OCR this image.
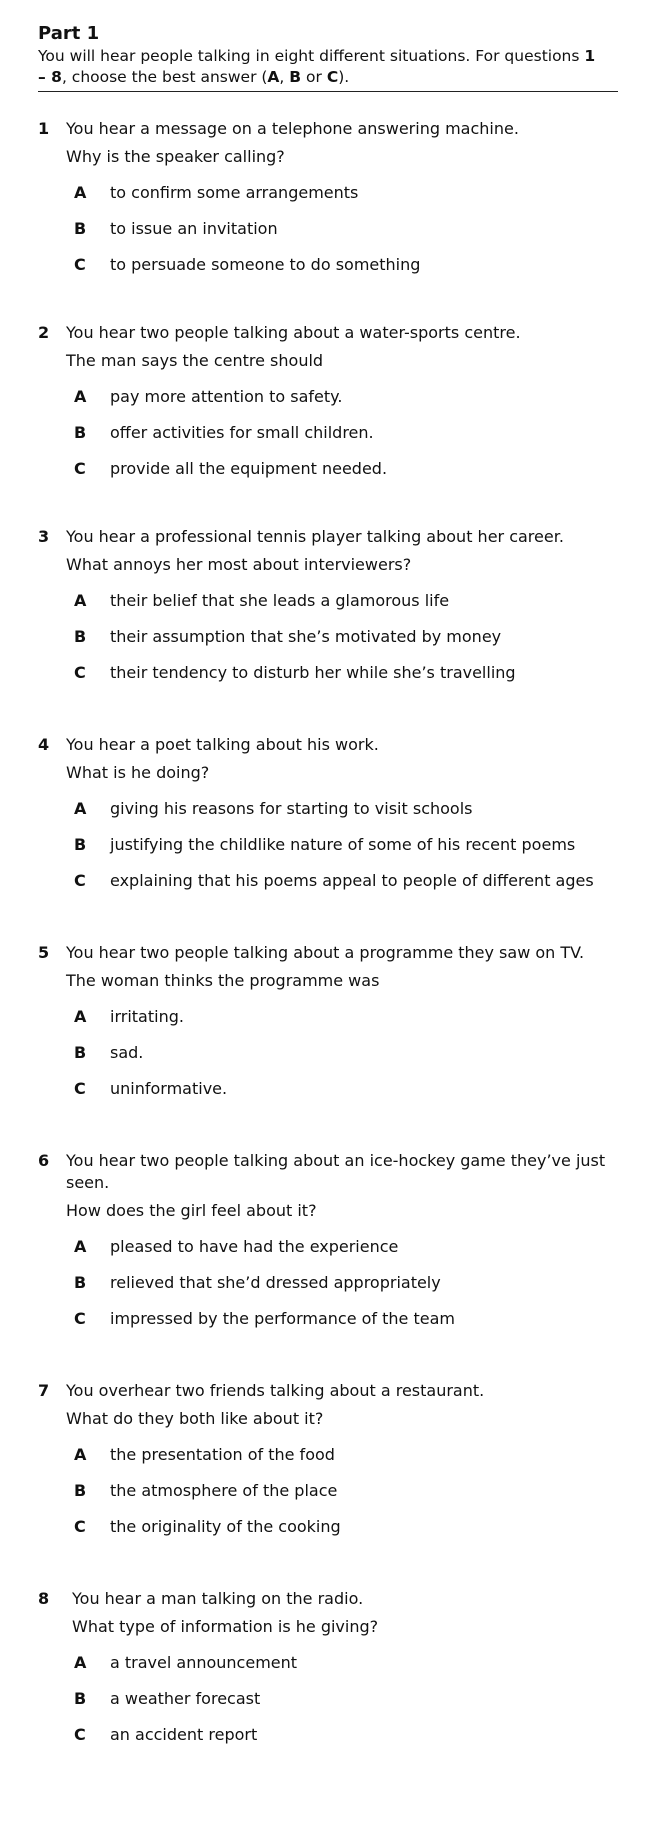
Part 1
You will hear people talking in eight different situations. For questions 1 – 8, choose the best answer (A, B or C).
1 You hear a message on a telephone answering machine.
Why is the speaker calling?
A to confirm some arrangements
B to issue an invitation
C to persuade someone to do something
2 You hear two people talking about a water-sports centre.
The man says the centre should
A pay more attention to safety.
B offer activities for small children.
C provide all the equipment needed.
3 You hear a professional tennis player talking about her career.
What annoys her most about interviewers?
A their belief that she leads a glamorous life
B their assumption that she’s motivated by money
C their tendency to disturb her while she’s travelling
4 You hear a poet talking about his work.
What is he doing?
A giving his reasons for starting to visit schools
B justifying the childlike nature of some of his recent poems
C explaining that his poems appeal to people of different ages
5 You hear two people talking about a programme they saw on TV.
The woman thinks the programme was
A irritating.
B sad.
C uninformative.
6 You hear two people talking about an ice-hockey game they’ve just seen.
How does the girl feel about it?
A pleased to have had the experience
B relieved that she’d dressed appropriately
C impressed by the performance of the team
7 You overhear two friends talking about a restaurant.
What do they both like about it?
A the presentation of the food
B the atmosphere of the place
C the originality of the cooking
8 You hear a man talking on the radio.
What type of information is he giving?
A a travel announcement
B a weather forecast
C an accident report
